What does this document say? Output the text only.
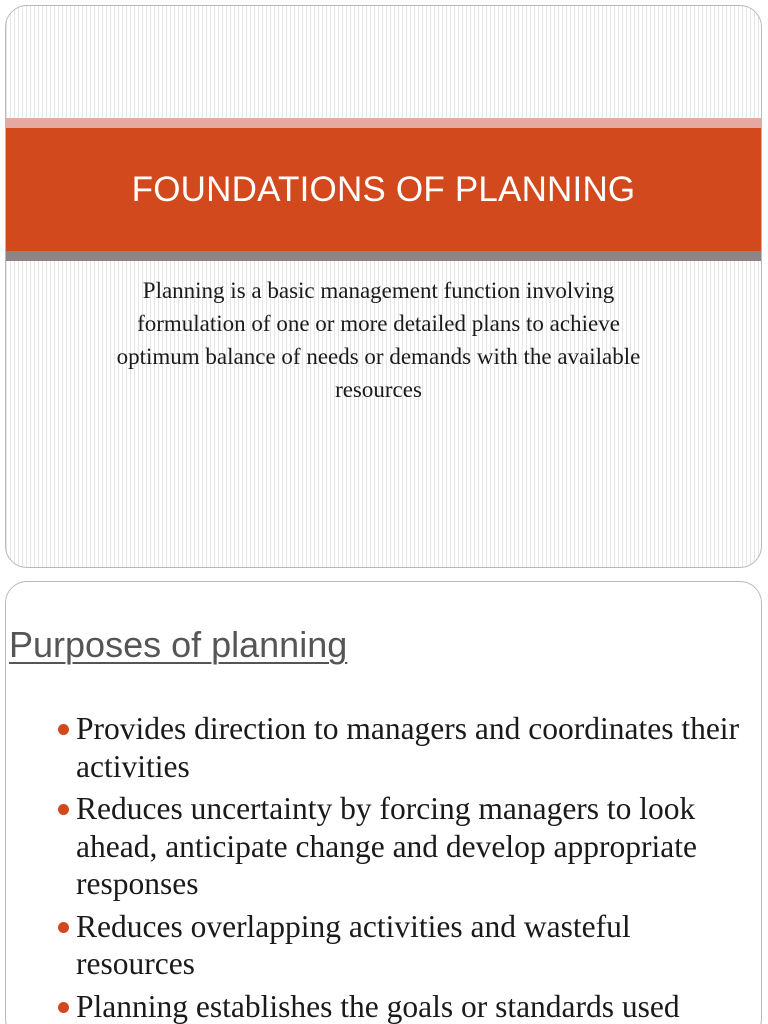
FOUNDATIONS OF PLANNING
Planning is a basic management function involving formulation of one or more detailed plans to achieve optimum balance of needs or demands with the available resources
Purposes of planning
Provides direction to managers and coordinates their activities
Reduces uncertainty by forcing managers to look ahead, anticipate change and develop appropriate responses
Reduces overlapping activities and wasteful resources
Planning establishes the goals or standards used
